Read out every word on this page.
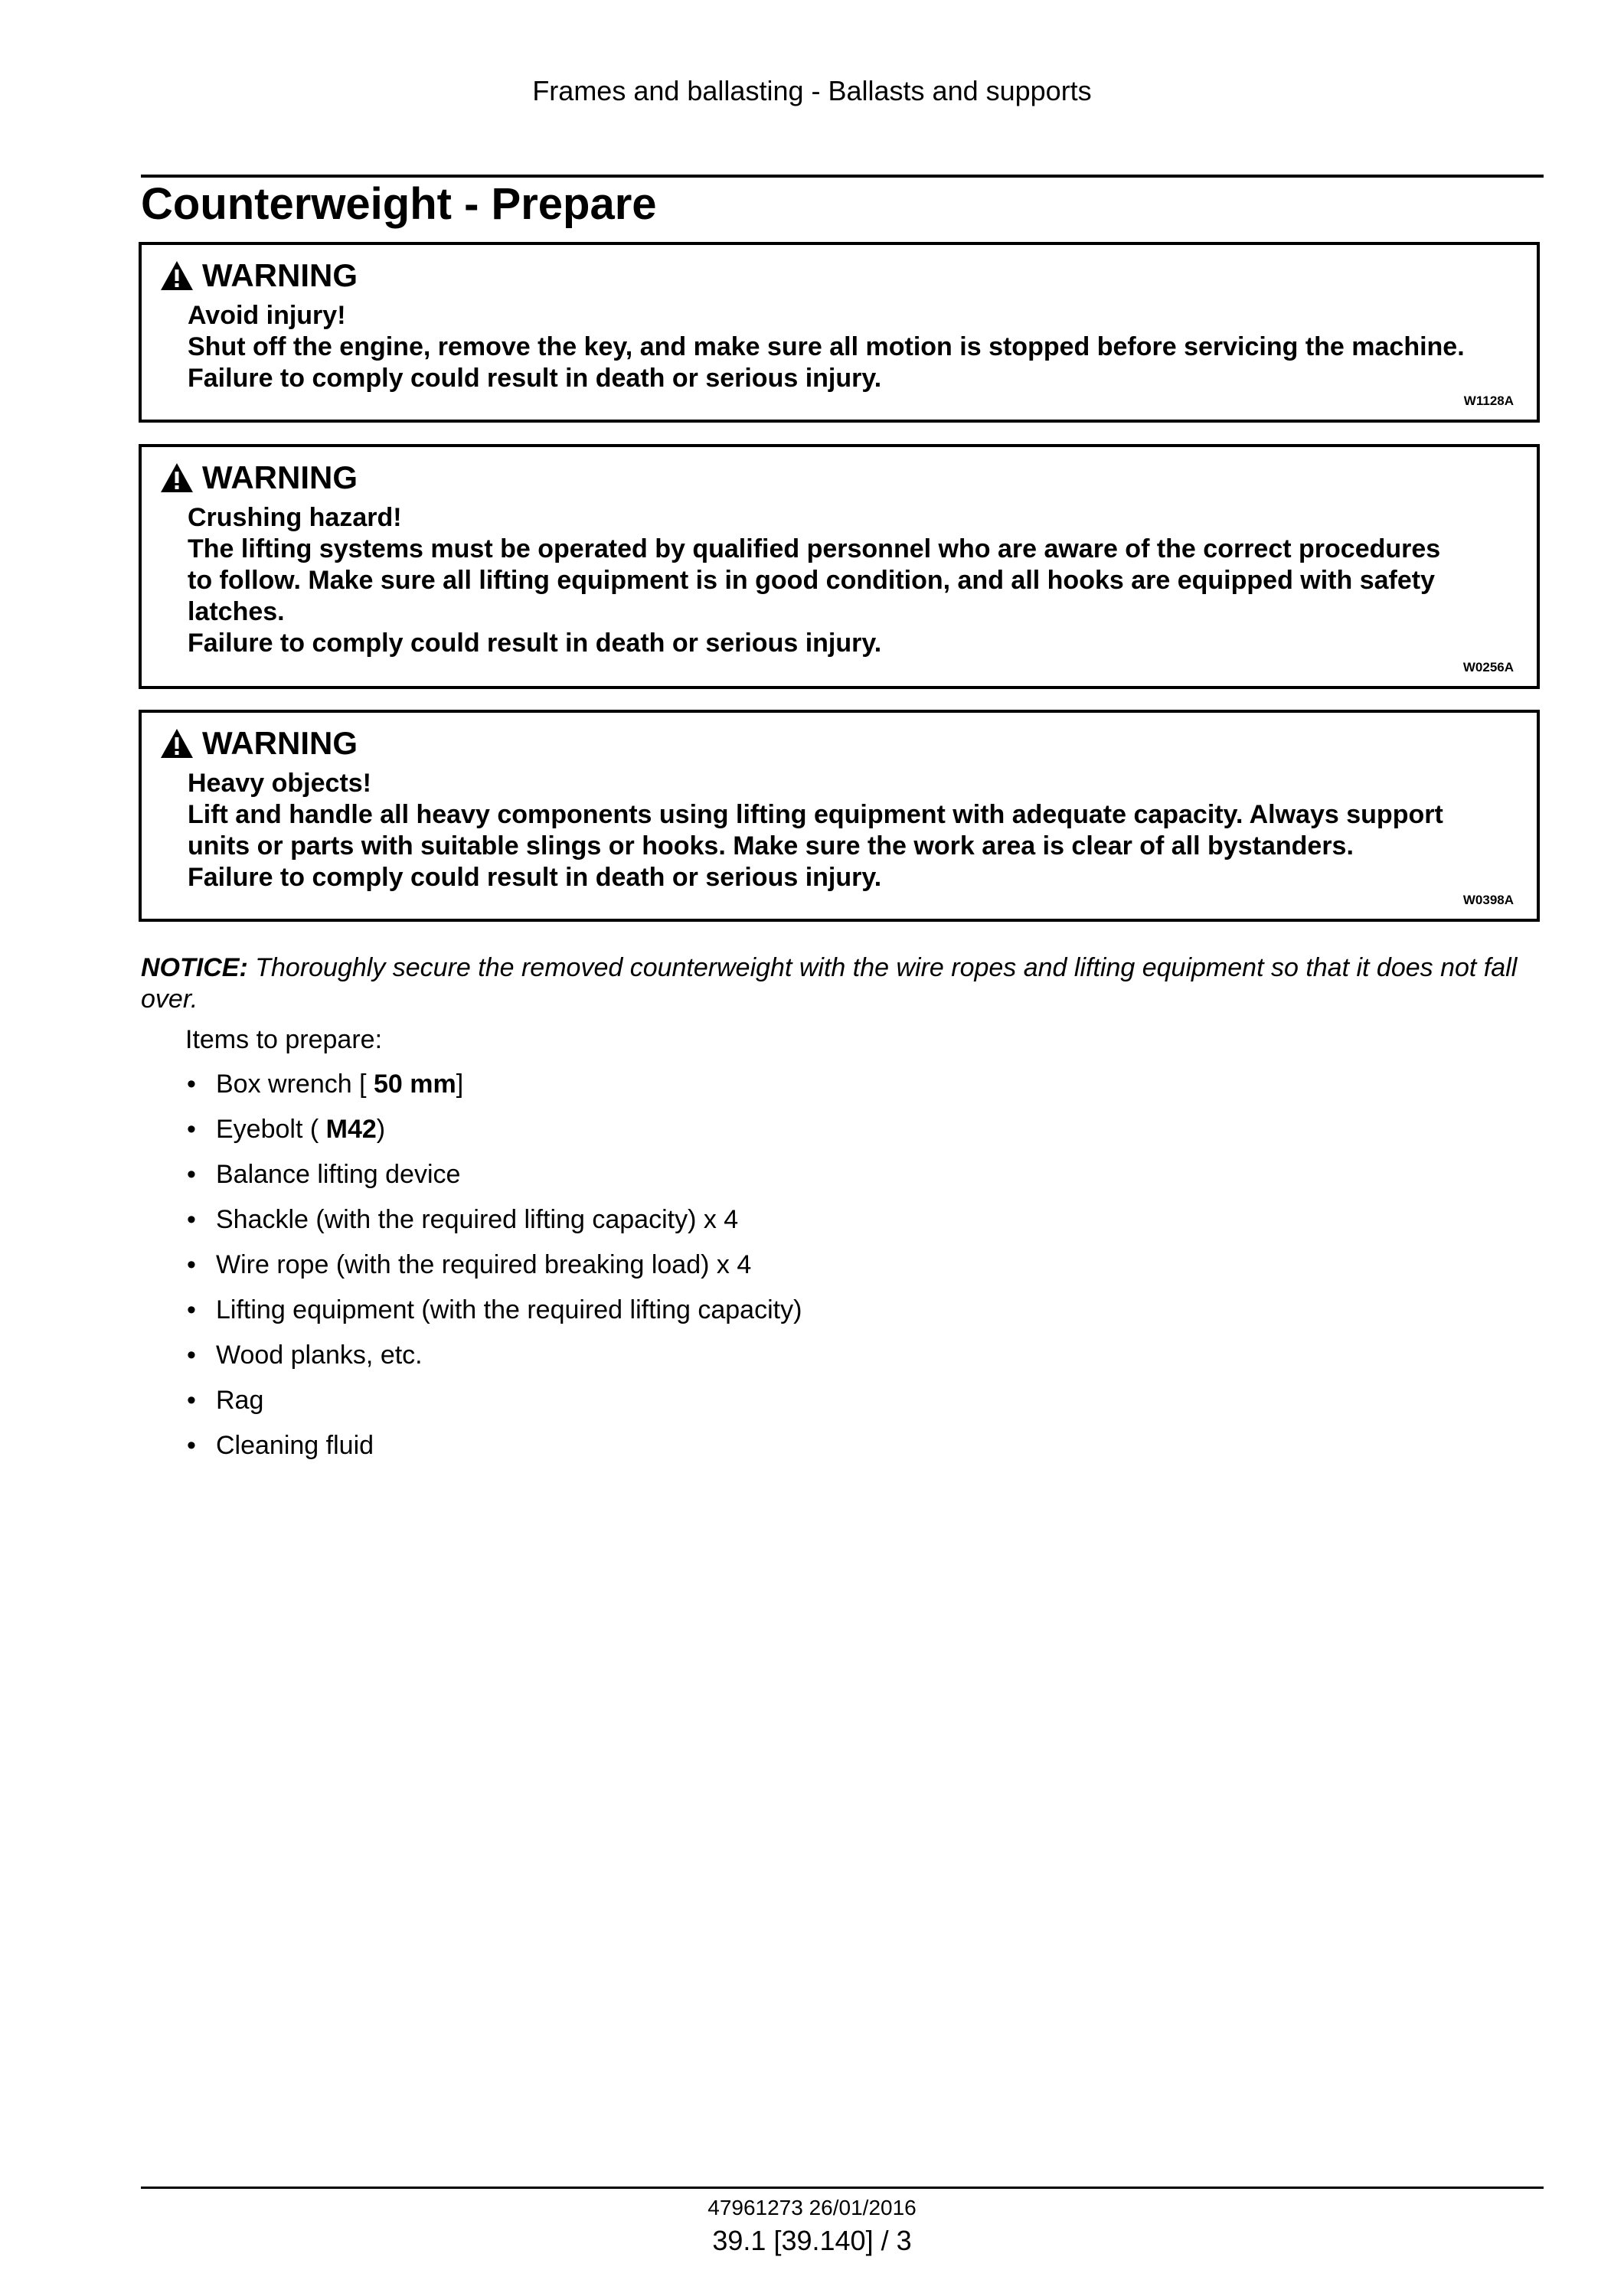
Frames and ballasting - Ballasts and supports
Counterweight - Prepare
WARNING
Avoid injury!
Shut off the engine, remove the key, and make sure all motion is stopped before servicing the machine.
Failure to comply could result in death or serious injury.
W1128A
WARNING
Crushing hazard!
The lifting systems must be operated by qualified personnel who are aware of the correct procedures
to follow. Make sure all lifting equipment is in good condition, and all hooks are equipped with safety
latches.
Failure to comply could result in death or serious injury.
W0256A
WARNING
Heavy objects!
Lift and handle all heavy components using lifting equipment with adequate capacity. Always support
units or parts with suitable slings or hooks. Make sure the work area is clear of all bystanders.
Failure to comply could result in death or serious injury.
W0398A
NOTICE: Thoroughly secure the removed counterweight with the wire ropes and lifting equipment so that it does not fall over.
Items to prepare:
• Box wrench [ 50 mm]
• Eyebolt ( M42)
• Balance lifting device
• Shackle (with the required lifting capacity) x 4
• Wire rope (with the required breaking load) x 4
• Lifting equipment (with the required lifting capacity)
• Wood planks, etc.
• Rag
• Cleaning fluid
47961273 26/01/2016
39.1 [39.140] / 3
